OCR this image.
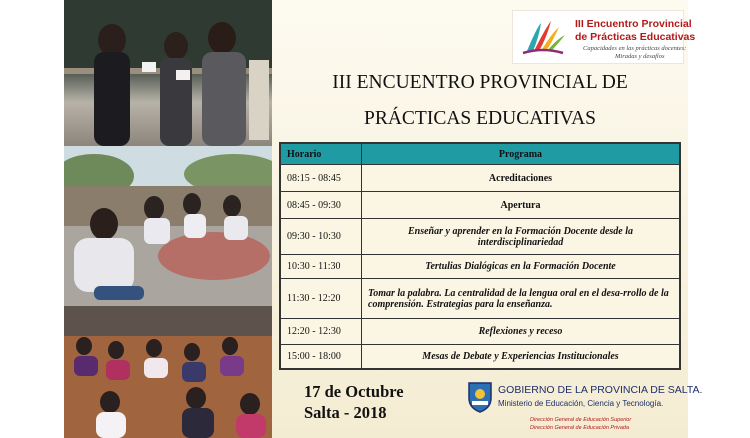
III Encuentro Provincial
de Prácticas Educativas
Capacidades en las prácticas docentes:
Miradas y desafíos
III ENCUENTRO PROVINCIAL DE
PRÁCTICAS EDUCATIVAS
Horario	Programa
08:15 - 08:45	Acreditaciones
08:45 - 09:30	Apertura
09:30 - 10:30	Enseñar y aprender en la Formación Docente desde la interdisciplinariedad
10:30 - 11:30	Tertulias Dialógicas en la Formación Docente
11:30 - 12:20	Tomar la palabra. La centralidad de la lengua oral en el desa-rrollo de la comprensión. Estrategias para la enseñanza.
12:20 - 12:30	Reflexiones y receso
15:00 - 18:00	Mesas de Debate y Experiencias Institucionales
17 de Octubre
Salta - 2018
GOBIERNO DE LA PROVINCIA DE SALTA.
Ministerio de Educación, Ciencia y Tecnología.
Dirección General de Educación Superior
Dirección General de Educación Privada
